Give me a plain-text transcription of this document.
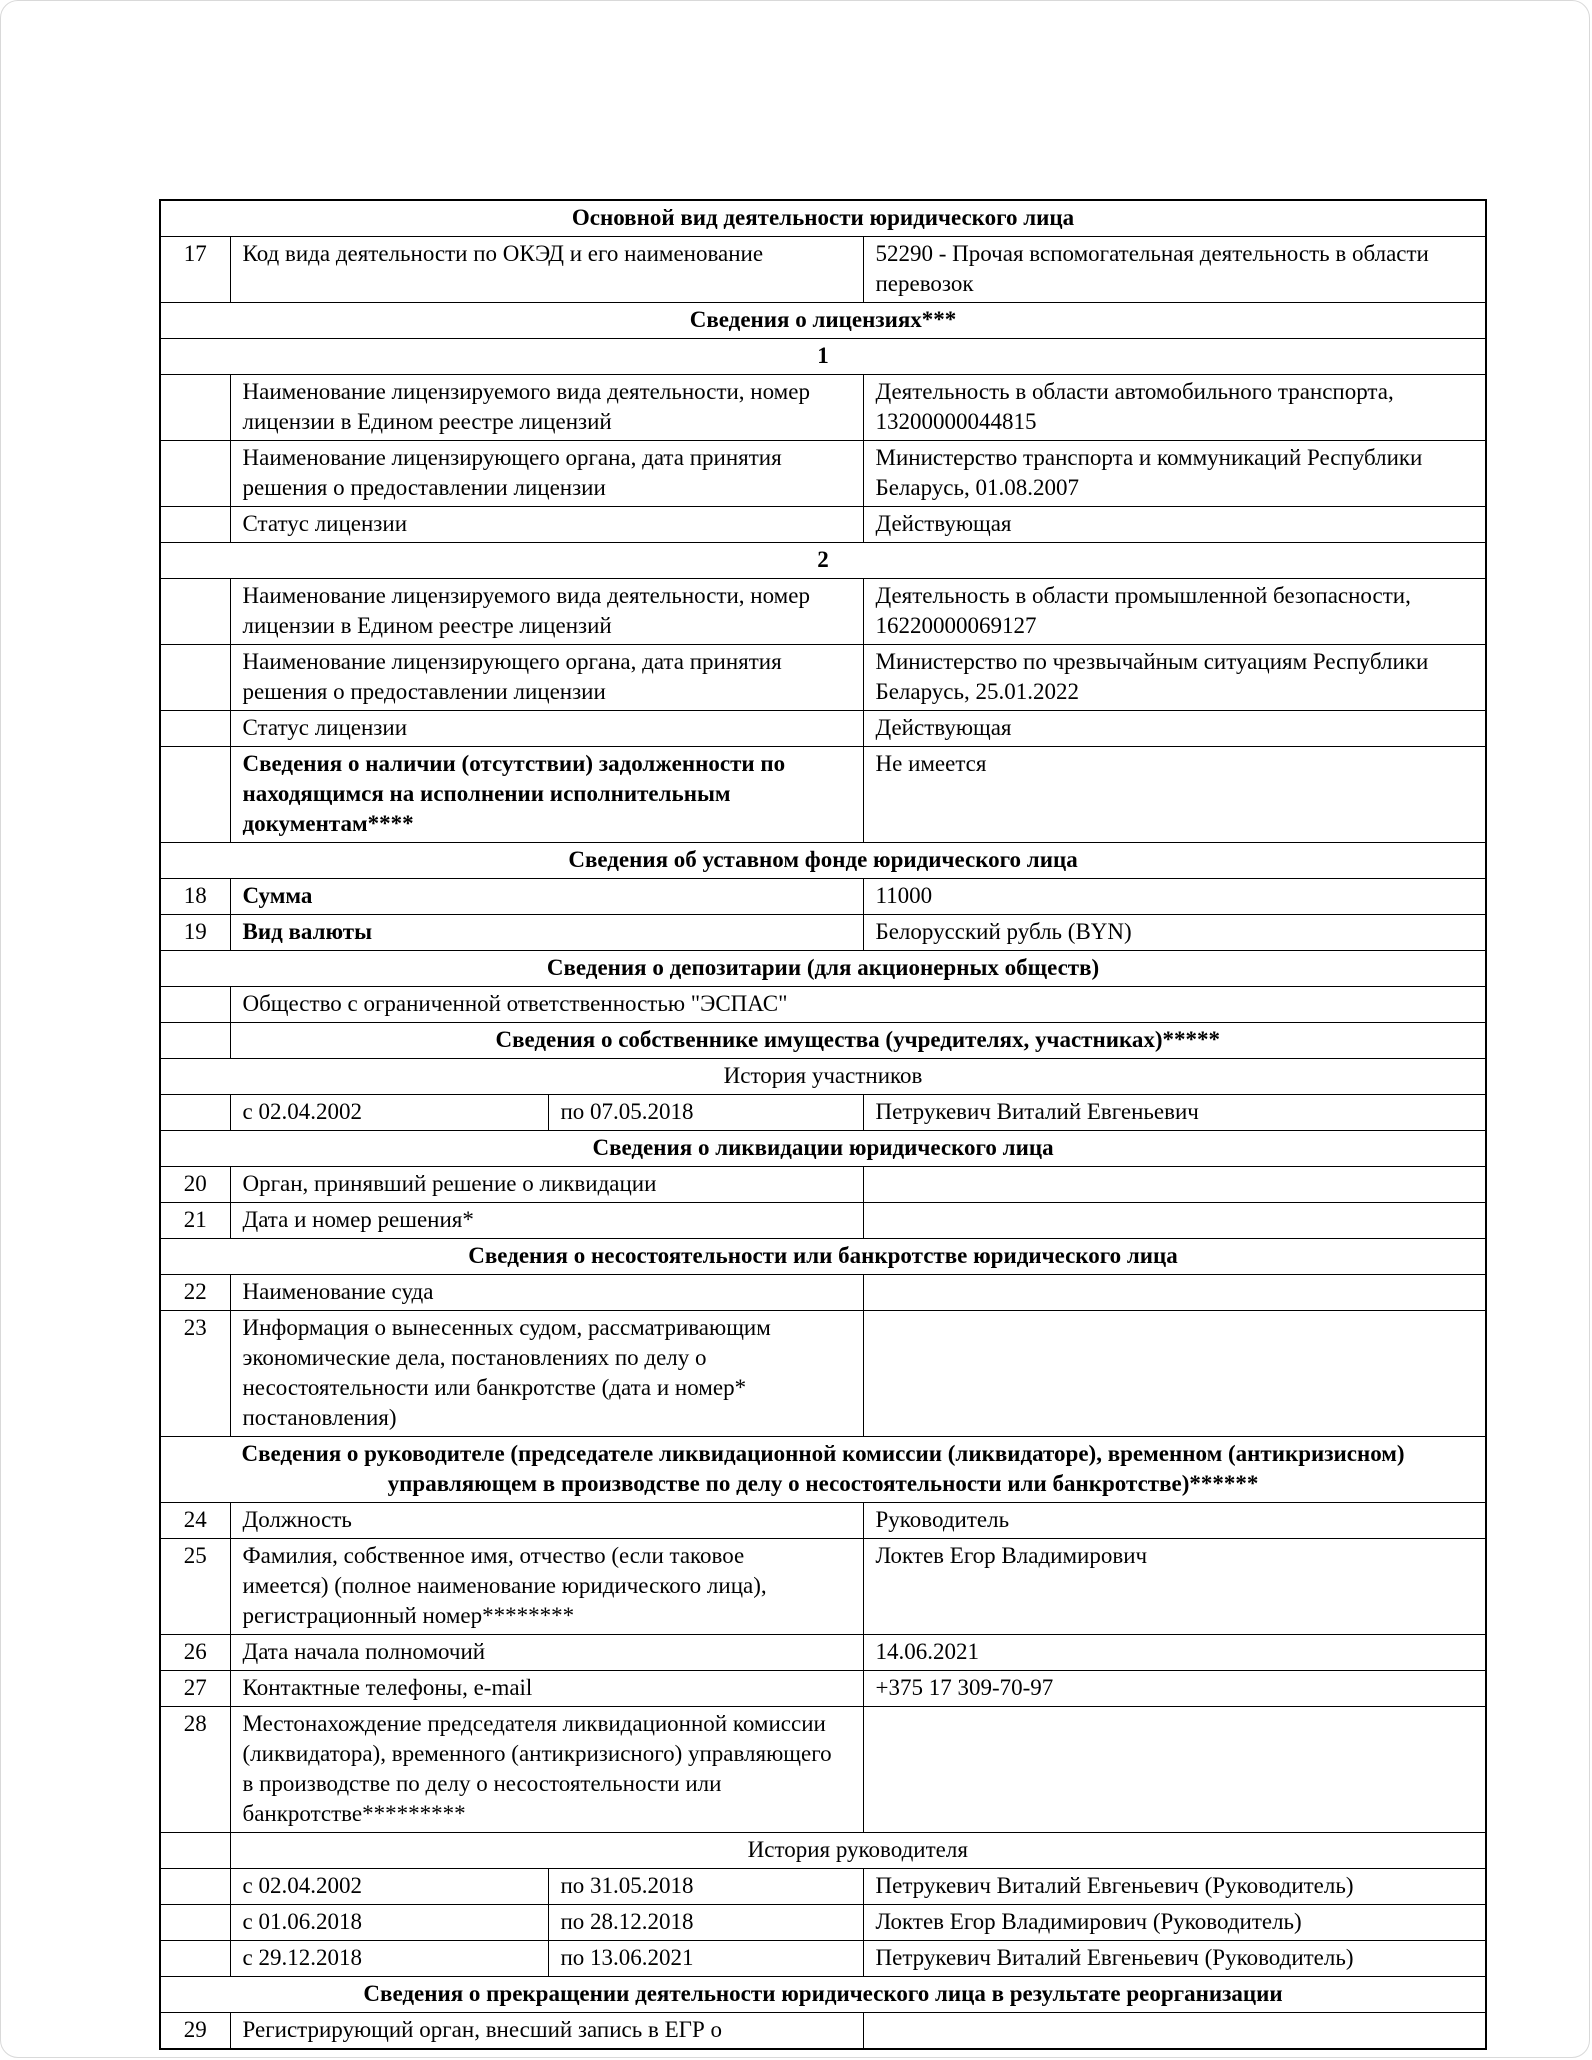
Основной вид деятельности юридического лица			
17	Код вида деятельности по ОКЭД и его наименование		52290 - Прочая вспомогательная деятельность в области перевозок
Сведения о лицензиях***			
1			
	Наименование лицензируемого вида деятельности, номер лицензии в Едином реестре лицензий		Деятельность в области автомобильного транспорта, 13200000044815
	Наименование лицензирующего органа, дата принятия решения о предоставлении лицензии		Министерство транспорта и коммуникаций Республики Беларусь, 01.08.2007
	Статус лицензии		Действующая
2			
	Наименование лицензируемого вида деятельности, номер лицензии в Едином реестре лицензий		Деятельность в области промышленной безопасности, 16220000069127
	Наименование лицензирующего органа, дата принятия решения о предоставлении лицензии		Министерство по чрезвычайным ситуациям Республики Беларусь, 25.01.2022
	Статус лицензии		Действующая
	Сведения о наличии (отсутствии) задолженности по находящимся на исполнении исполнительным документам****		Не имеется
Сведения об уставном фонде юридического лица			
18	Сумма		11000
19	Вид валюты		Белорусский рубль (BYN)
Сведения о депозитарии (для акционерных обществ)			
	Общество с ограниченной ответственностью "ЭСПАС"		
	Сведения о собственнике имущества (учредителях, участниках)*****		
История участников			
	с 02.04.2002	по 07.05.2018	Петрукевич Виталий Евгеньевич
Сведения о ликвидации юридического лица			
20	Орган, принявший решение о ликвидации		
21	Дата и номер решения*		
Сведения о несостоятельности или банкротстве юридического лица			
22	Наименование суда		
23	Информация о вынесенных судом, рассматривающим экономические дела, постановлениях по делу о несостоятельности или банкротстве (дата и номер* постановления)		
Сведения о руководителе (председателе ликвидационной комиссии (ликвидаторе), временном (антикризисном) управляющем в производстве по делу о несостоятельности или банкротстве)******			
24	Должность		Руководитель
25	Фамилия, собственное имя, отчество (если таковое имеется) (полное наименование юридического лица), регистрационный номер********		Локтев Егор Владимирович
26	Дата начала полномочий		14.06.2021
27	Контактные телефоны, e-mail		+375 17 309-70-97
28	Местонахождение председателя ликвидационной комиссии (ликвидатора), временного (антикризисного) управляющего в производстве по делу о несостоятельности или банкротстве*********		
	История руководителя		
	с 02.04.2002	по 31.05.2018	Петрукевич Виталий Евгеньевич (Руководитель)
	с 01.06.2018	по 28.12.2018	Локтев Егор Владимирович (Руководитель)
	с 29.12.2018	по 13.06.2021	Петрукевич Виталий Евгеньевич (Руководитель)
Сведения о прекращении деятельности юридического лица в результате реорганизации			
29	Регистрирующий орган, внесший запись в ЕГР о		
